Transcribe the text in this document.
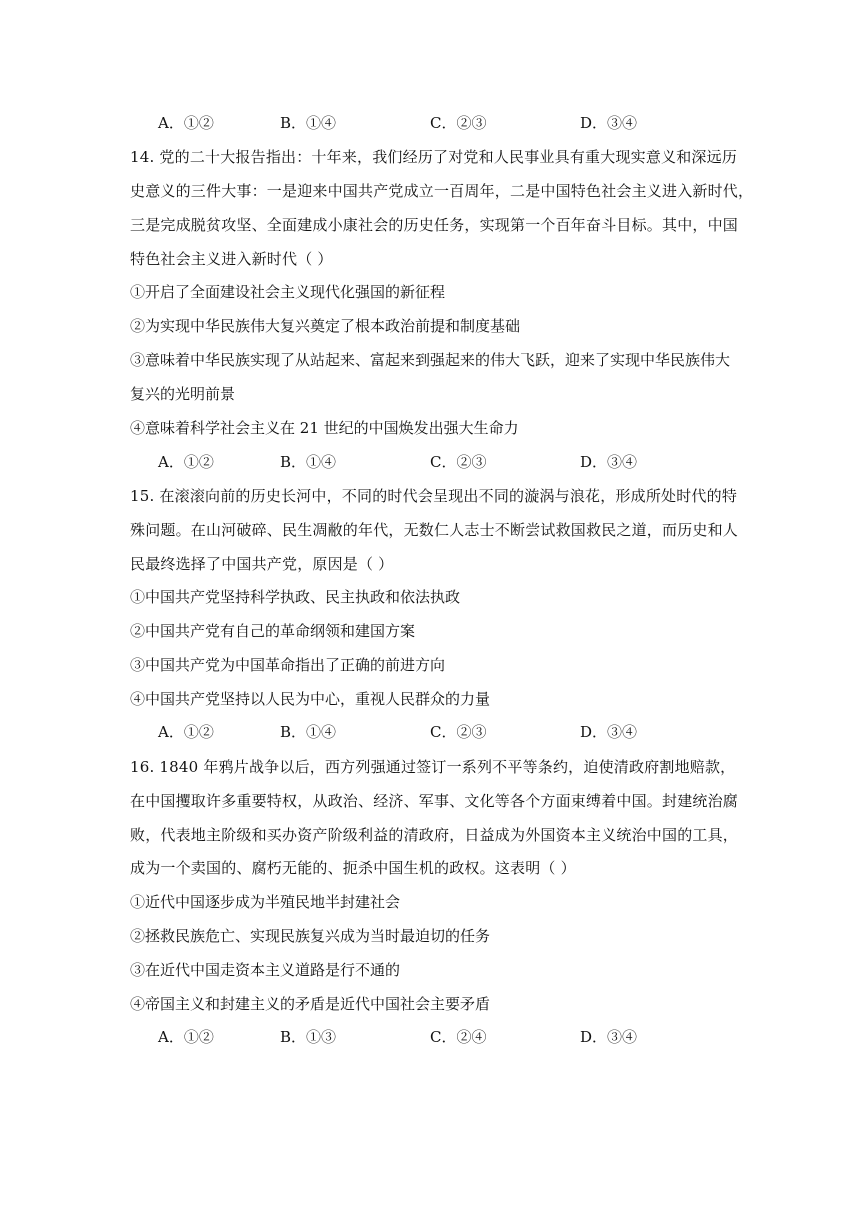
A．①②	B．①④	C．②③	D．③④
14. 党的二十大报告指出：十年来，我们经历了对党和人民事业具有重大现实意义和深远历
史意义的三件大事：一是迎来中国共产党成立一百周年，二是中国特色社会主义进入新时代，
三是完成脱贫攻坚、全面建成小康社会的历史任务，实现第一个百年奋斗目标。其中，中国
特色社会主义进入新时代（ ）
①开启了全面建设社会主义现代化强国的新征程
②为实现中华民族伟大复兴奠定了根本政治前提和制度基础
③意味着中华民族实现了从站起来、富起来到强起来的伟大飞跃，迎来了实现中华民族伟大
复兴的光明前景
④意味着科学社会主义在 21 世纪的中国焕发出强大生命力
A．①②	B．①④	C．②③	D．③④
15. 在滚滚向前的历史长河中，不同的时代会呈现出不同的漩涡与浪花，形成所处时代的特
殊问题。在山河破碎、民生凋敝的年代，无数仁人志士不断尝试救国救民之道，而历史和人
民最终选择了中国共产党，原因是（ ）
①中国共产党坚持科学执政、民主执政和依法执政
②中国共产党有自己的革命纲领和建国方案
③中国共产党为中国革命指出了正确的前进方向
④中国共产党坚持以人民为中心，重视人民群众的力量
A．①②	B．①④	C．②③	D．③④
16. 1840 年鸦片战争以后，西方列强通过签订一系列不平等条约，迫使清政府割地赔款，
在中国攫取许多重要特权，从政治、经济、军事、文化等各个方面束缚着中国。封建统治腐
败，代表地主阶级和买办资产阶级利益的清政府，日益成为外国资本主义统治中国的工具，
成为一个卖国的、腐朽无能的、扼杀中国生机的政权。这表明（ ）
①近代中国逐步成为半殖民地半封建社会
②拯救民族危亡、实现民族复兴成为当时最迫切的任务
③在近代中国走资本主义道路是行不通的
④帝国主义和封建主义的矛盾是近代中国社会主要矛盾
A．①②	B．①③	C．②④	D．③④
